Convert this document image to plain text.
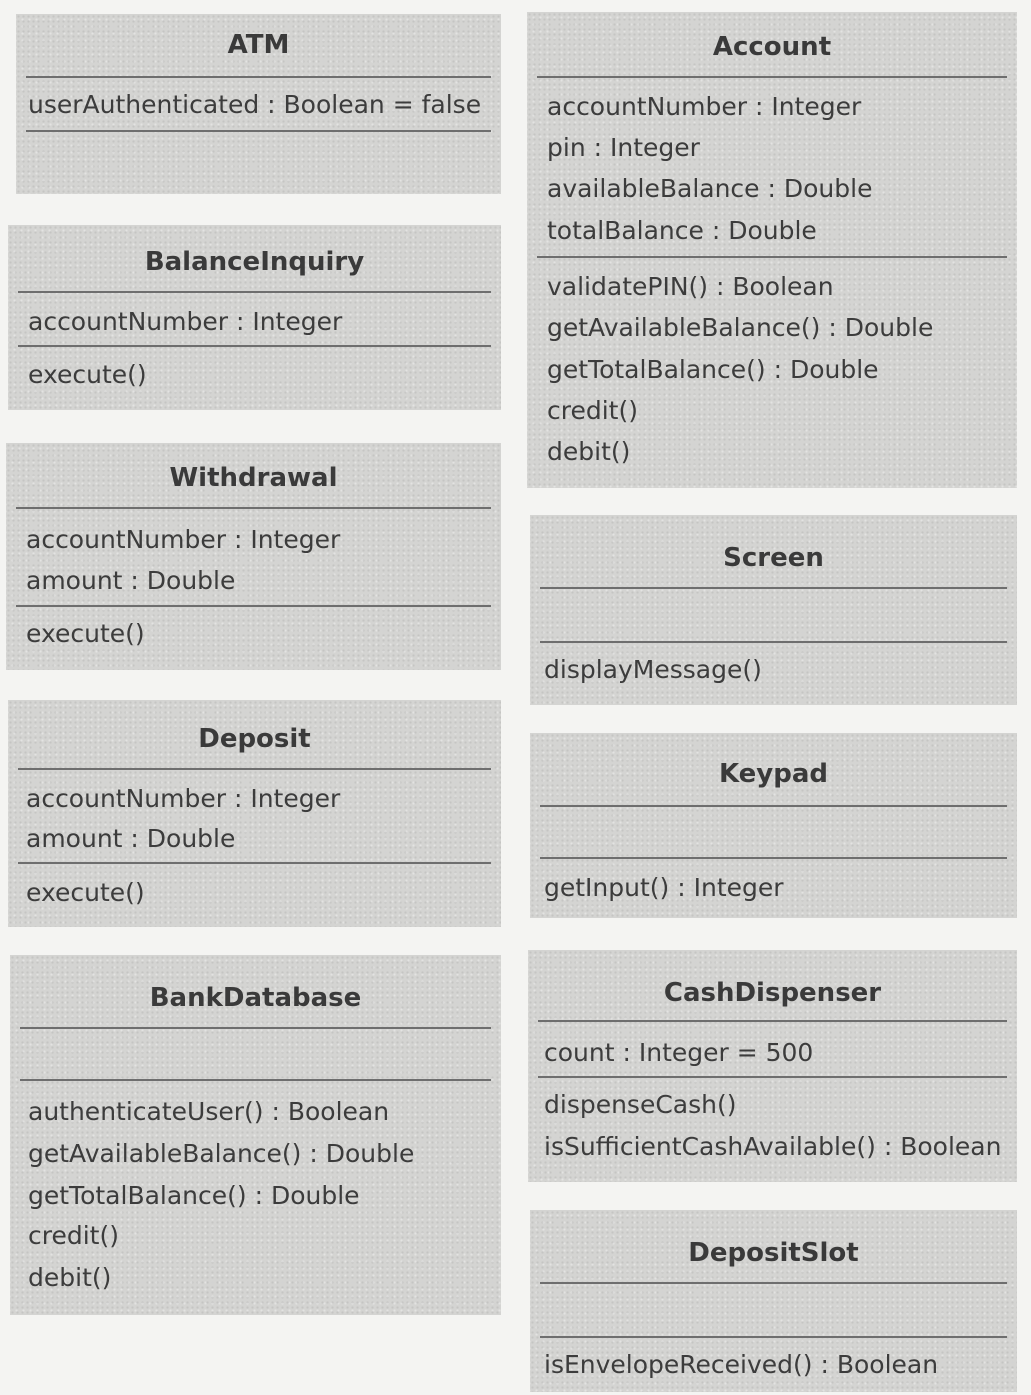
ATM
userAuthenticated : Boolean = false
BalanceInquiry
accountNumber : Integer
execute()
Withdrawal
accountNumber : Integer
amount : Double
execute()
Deposit
accountNumber : Integer
amount : Double
execute()
BankDatabase
authenticateUser() : Boolean
getAvailableBalance() : Double
getTotalBalance() : Double
credit()
debit()
Account
accountNumber : Integer
pin : Integer
availableBalance : Double
totalBalance : Double
validatePIN() : Boolean
getAvailableBalance() : Double
getTotalBalance() : Double
credit()
debit()
Screen
displayMessage()
Keypad
getInput() : Integer
CashDispenser
count : Integer = 500
dispenseCash()
isSufficientCashAvailable() : Boolean
DepositSlot
isEnvelopeReceived() : Boolean
